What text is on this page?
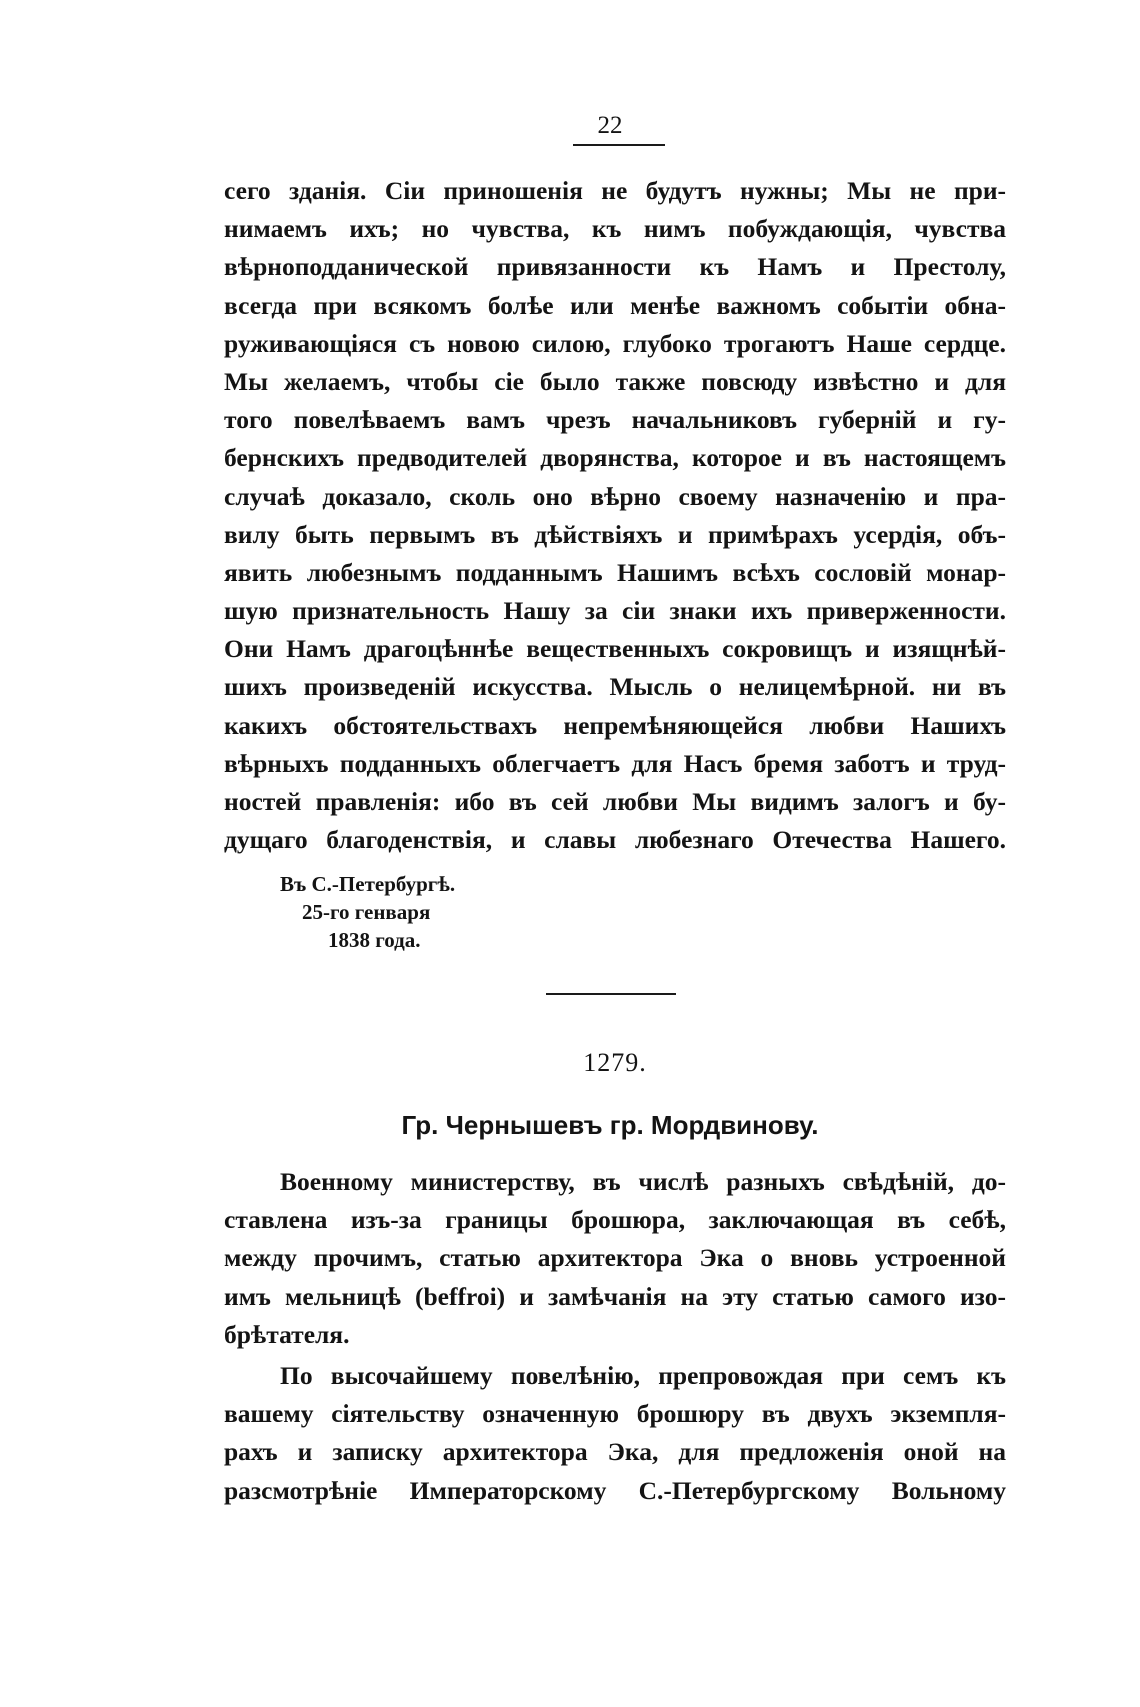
22
сего зданія. Сіи приношенія не будутъ нужны; Мы не при-
нимаемъ ихъ; но чувства, къ нимъ побуждающія, чувства
вѣрноподданической привязанности къ Намъ и Престолу,
всегда при всякомъ болѣе или менѣе важномъ событіи обна-
руживающіяся съ новою силою, глубоко трогаютъ Наше сердце.
Мы желаемъ, чтобы сіе было также повсюду извѣстно и для
того повелѣваемъ вамъ чрезъ начальниковъ губерній и гу-
бернскихъ предводителей дворянства, которое и въ настоящемъ
случаѣ доказало, сколь оно вѣрно своему назначенію и пра-
вилу быть первымъ въ дѣйствіяхъ и примѣрахъ усердія, объ-
явить любезнымъ подданнымъ Нашимъ всѣхъ сословій монар-
шую признательность Нашу за сіи знаки ихъ приверженности.
Они Намъ драгоцѣннѣе вещественныхъ сокровищъ и изящнѣй-
шихъ произведеній искусства. Мысль о нелицемѣрной. ни въ
какихъ обстоятельствахъ непремѣняющейся любви Нашихъ
вѣрныхъ подданныхъ облегчаетъ для Насъ бремя заботъ и труд-
ностей правленія: ибо въ сей любви Мы видимъ залогъ и бу-
дущаго благоденствія, и славы любезнаго Отечества Нашего.
Въ С.-Петербургѣ.
25-го генваря
1838 года.
1279.
Гр. Чернышевъ гр. Мордвинову.
Военному министерству, въ числѣ разныхъ свѣдѣній, до-
ставлена изъ-за границы брошюра, заключающая въ себѣ,
между прочимъ, статью архитектора Эка о вновь устроенной
имъ мельницѣ (beffroi) и замѣчанія на эту статью самого изо-
брѣтателя.
По высочайшему повелѣнію, препровождая при семъ къ
вашему сіятельству означенную брошюру въ двухъ экземпля-
рахъ и записку архитектора Эка, для предложенія оной на
разсмотрѣніе Императорскому С.-Петербургскому Вольному
